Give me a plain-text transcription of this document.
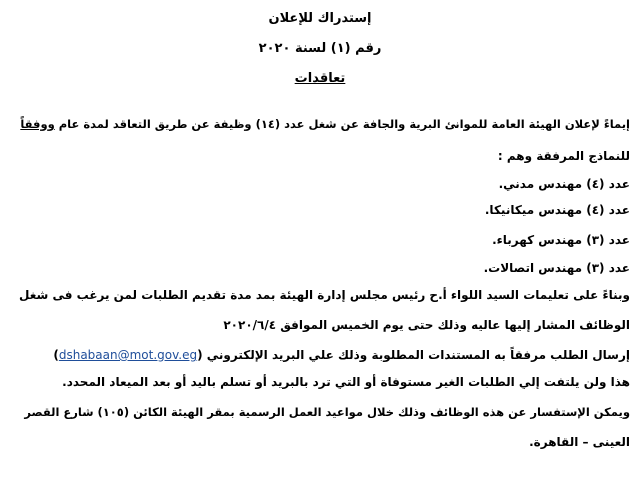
إستدراك للإعلان
رقم (١) لسنة ٢٠٢٠
تعاقدات
إيماءً لإعلان الهيئة العامة للموانئ البرية والجافة عن شغل عدد (١٤) وظيفة عن طريق التعاقد لمدة عام ووفقاً
للنماذج المرفقة وهم :
عدد (٤) مهندس مدني.
عدد (٤) مهندس ميكانيكا.
عدد (٣) مهندس كهرباء.
عدد (٣) مهندس اتصالات.
وبناءً على تعليمات السيد اللواء أ.ح رئيس مجلس إدارة الهيئة بمد مدة تقديم الطلبات لمن يرغب فى شغل
الوظائف المشار إليها عاليه وذلك حتى يوم الخميس الموافق ٢٠٢٠/٦/٤
إرسال الطلب مرفقاً به المستندات المطلوبة وذلك علي البريد الإلكتروني (dshabaan@mot.gov.eg)
هذا ولن يلتفت إلي الطلبات الغير مستوفاة أو التي ترد بالبريد أو تسلم باليد أو بعد الميعاد المحدد.
ويمكن الإستفسار عن هذه الوظائف وذلك خلال مواعيد العمل الرسمية بمقر الهيئة الكائن (١٠٥) شارع القصر
العينى – القاهرة.
